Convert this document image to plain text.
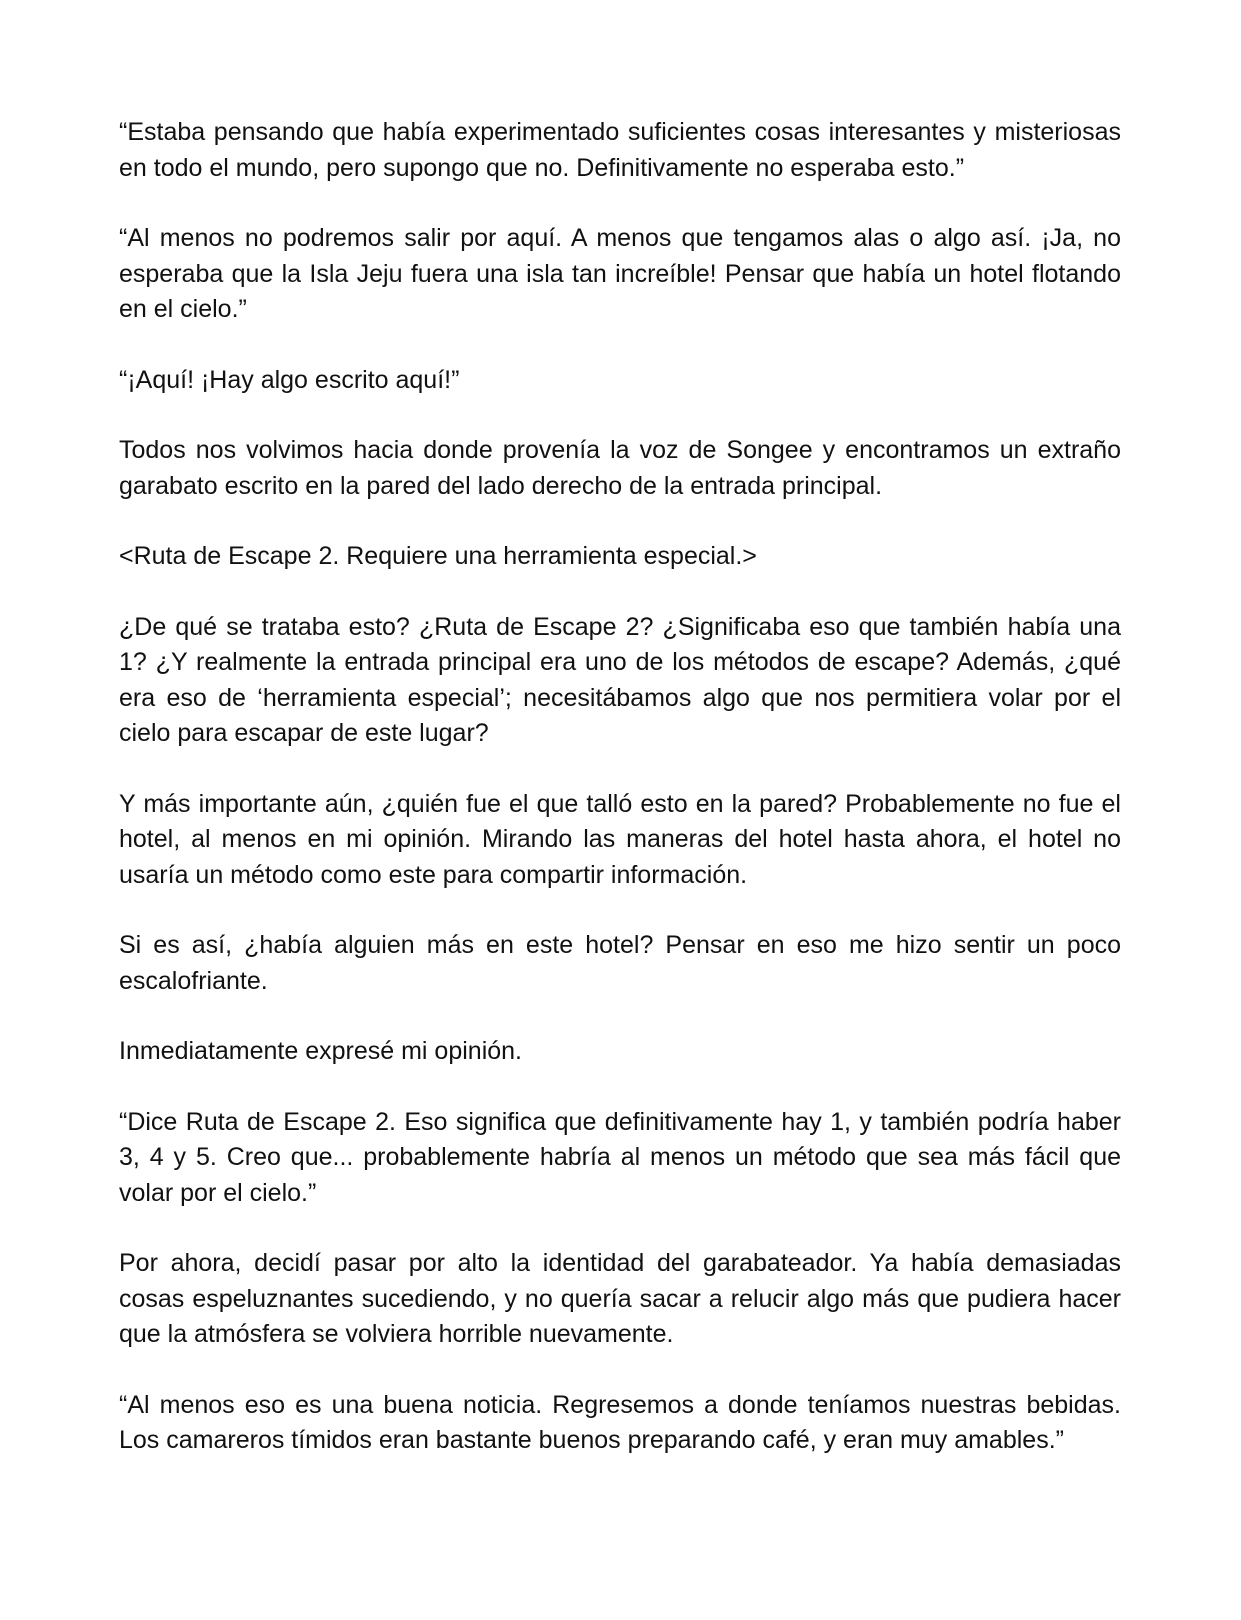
“Estaba pensando que había experimentado suficientes cosas interesantes y misteriosas en todo el mundo, pero supongo que no. Definitivamente no esperaba esto.”

“Al menos no podremos salir por aquí. A menos que tengamos alas o algo así. ¡Ja, no esperaba que la Isla Jeju fuera una isla tan increíble! Pensar que había un hotel flotando en el cielo.”

“¡Aquí! ¡Hay algo escrito aquí!”

Todos nos volvimos hacia donde provenía la voz de Songee y encontramos un extraño garabato escrito en la pared del lado derecho de la entrada principal.

<Ruta de Escape 2. Requiere una herramienta especial.>

¿De qué se trataba esto? ¿Ruta de Escape 2? ¿Significaba eso que también había una 1? ¿Y realmente la entrada principal era uno de los métodos de escape? Además, ¿qué era eso de ‘herramienta especial’; necesitábamos algo que nos permitiera volar por el cielo para escapar de este lugar?

Y más importante aún, ¿quién fue el que talló esto en la pared? Probablemente no fue el hotel, al menos en mi opinión. Mirando las maneras del hotel hasta ahora, el hotel no usaría un método como este para compartir información.

Si es así, ¿había alguien más en este hotel? Pensar en eso me hizo sentir un poco escalofriante.

Inmediatamente expresé mi opinión.

“Dice Ruta de Escape 2. Eso significa que definitivamente hay 1, y también podría haber 3, 4 y 5. Creo que... probablemente habría al menos un método que sea más fácil que volar por el cielo.”

Por ahora, decidí pasar por alto la identidad del garabateador. Ya había demasiadas cosas espeluznantes sucediendo, y no quería sacar a relucir algo más que pudiera hacer que la atmósfera se volviera horrible nuevamente.

“Al menos eso es una buena noticia. Regresemos a donde teníamos nuestras bebidas. Los camareros tímidos eran bastante buenos preparando café, y eran muy amables.”
